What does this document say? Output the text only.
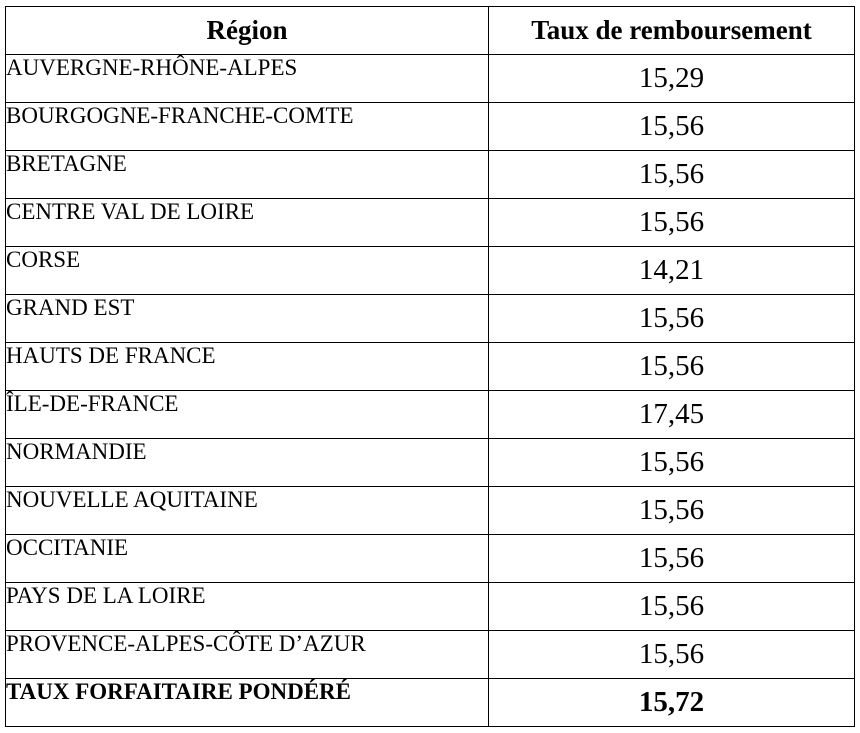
Région	Taux de remboursement
AUVERGNE-RHÔNE-ALPES	15,29
BOURGOGNE-FRANCHE-COMTE	15,56
BRETAGNE	15,56
CENTRE VAL DE LOIRE	15,56
CORSE	14,21
GRAND EST	15,56
HAUTS DE FRANCE	15,56
ÎLE-DE-FRANCE	17,45
NORMANDIE	15,56
NOUVELLE AQUITAINE	15,56
OCCITANIE	15,56
PAYS DE LA LOIRE	15,56
PROVENCE-ALPES-CÔTE D’AZUR	15,56
TAUX FORFAITAIRE PONDÉRÉ	15,72
